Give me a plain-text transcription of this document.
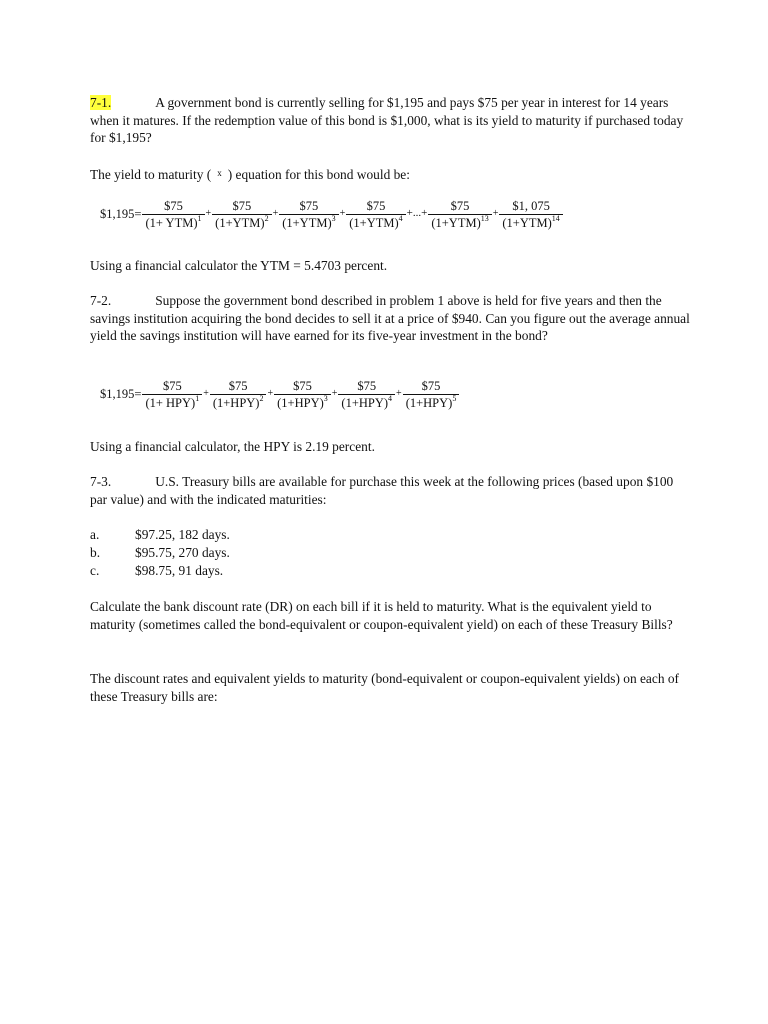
7-1.	A government bond is currently selling for $1,195 and pays $75 per year in interest for 14 years when it matures. If the redemption value of this bond is $1,000, what is its yield to maturity if purchased today for $1,195?

The yield to maturity ( $^x$ ) equation for this bond would be:

$1,195= $\frac{\$75}{(1+ YTM)^1} + \frac{\$75}{(1+YTM)^2} + \frac{\$75}{(1+YTM)^3} + \frac{\$75}{(1+YTM)^4}$ +...+ $\frac{\$75}{(1+YTM)^{13}} + \frac{\$1, 075}{(1+YTM)^{14}}$

Using a financial calculator the YTM = 5.4703 percent.

7-2.	Suppose the government bond described in problem 1 above is held for five years and then the savings institution acquiring the bond decides to sell it at a price of $940. Can you figure out the average annual yield the savings institution will have earned for its five-year investment in the bond?

$1,195= $\frac{\$75}{(1+ HPY)^1} + \frac{\$75}{(1+HPY)^2} + \frac{\$75}{(1+HPY)^3} + \frac{\$75}{(1+HPY)^4} + \frac{\$75}{(1+HPY)^5}$

Using a financial calculator, the HPY is 2.19 percent.

7-3.	U.S. Treasury bills are available for purchase this week at the following prices (based upon $100 par value) and with the indicated maturities:

a.	$97.25, 182 days.
b.	$95.75, 270 days.
c.	$98.75, 91 days.

Calculate the bank discount rate (DR) on each bill if it is held to maturity. What is the equivalent yield to maturity (sometimes called the bond-equivalent or coupon-equivalent yield) on each of these Treasury Bills?

The discount rates and equivalent yields to maturity (bond-equivalent or coupon-equivalent yields) on each of these Treasury bills are:
